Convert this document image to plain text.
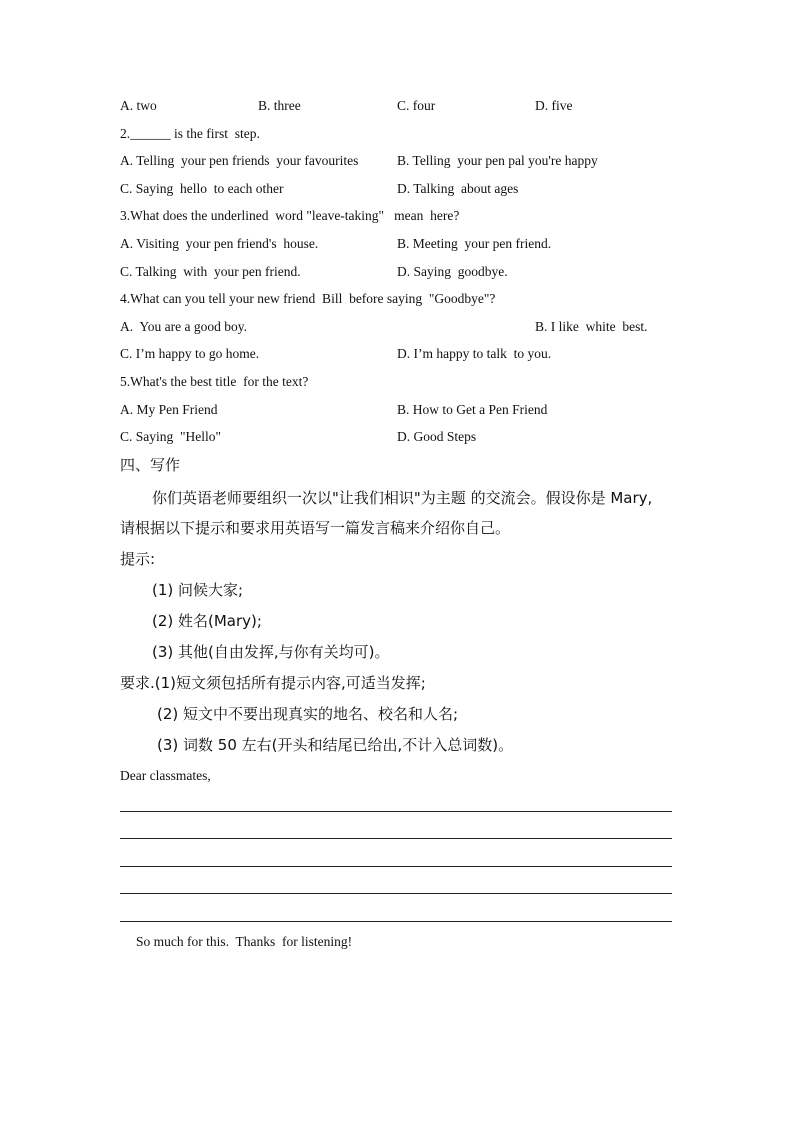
A. two	B. three	C. four	D. five
2.______ is the first  step.
A. Telling  your pen friends  your favourites	B. Telling  your pen pal you're happy
C. Saying  hello  to each other	D. Talking  about ages
3.What does the underlined  word "leave-taking"   mean  here?
A. Visiting  your pen friend's  house.	B. Meeting  your pen friend.
C. Talking  with  your pen friend.	D. Saying  goodbye.
4.What can you tell your new friend  Bill  before saying  "Goodbye"?
A.  You are a good boy.	B. I like  white  best.
C. I’m happy to go home.	D. I’m happy to talk  to you.
5.What's the best title  for the text?
A. My Pen Friend	B. How to Get a Pen Friend
C. Saying  "Hello"	D. Good Steps
四、写作
你们英语老师要组织一次以"让我们相识"为主题 的交流会。假设你是 Mary,
请根据以下提示和要求用英语写一篇发言稿来介绍你自己。
提示:
(1) 问候大家;
(2) 姓名(Mary);
(3) 其他(自由发挥,与你有关均可)。
要求.(1)短文须包括所有提示内容,可适当发挥;
(2) 短文中不要出现真实的地名、校名和人名;
(3) 词数 50 左右(开头和结尾已给出,不计入总词数)。
Dear classmates,
So much for this.  Thanks  for listening!
